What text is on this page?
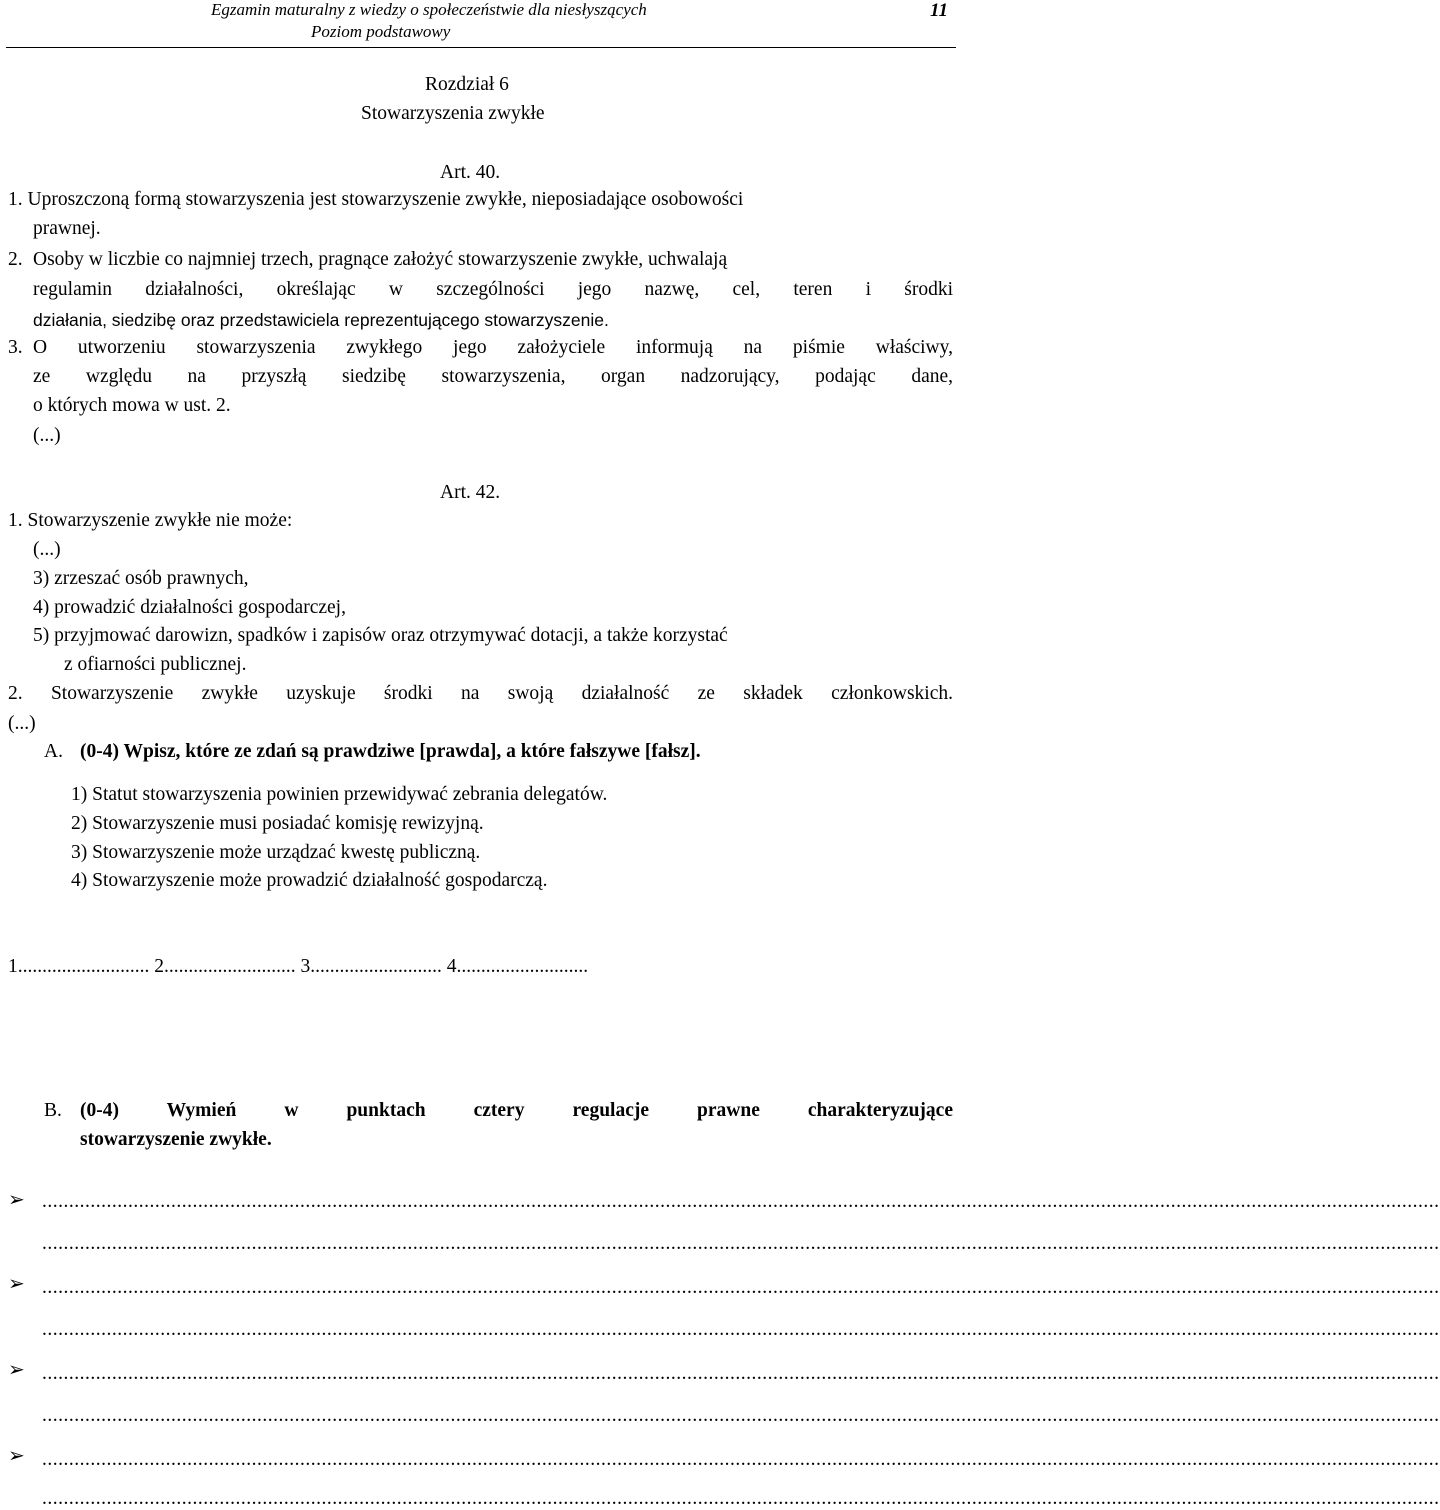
Egzamin maturalny z wiedzy o społeczeństwie dla niesłyszących
Poziom podstawowy
11
Rozdział 6
Stowarzyszenia zwykłe
Art. 40.
1. Uproszczoną formą stowarzyszenia jest stowarzyszenie zwykłe, nieposiadające osobowości
prawnej.
2. Osoby w liczbie co najmniej trzech, pragnące założyć stowarzyszenie zwykłe, uchwalają
regulamin działalności, określając w szczególności jego nazwę, cel, teren i środki
działania, siedzibę oraz przedstawiciela reprezentującego stowarzyszenie.
3. O utworzeniu stowarzyszenia zwykłego jego założyciele informują na piśmie właściwy,
ze względu na przyszłą siedzibę stowarzyszenia, organ nadzorujący, podając dane,
o których mowa w ust. 2.
(...)
Art. 42.
1. Stowarzyszenie zwykłe nie może:
(...)
3) zrzeszać osób prawnych,
4) prowadzić działalności gospodarczej,
5) przyjmować darowizn, spadków i zapisów oraz otrzymywać dotacji, a także korzystać
z ofiarności publicznej.
2. Stowarzyszenie zwykłe uzyskuje środki na swoją działalność ze składek członkowskich.
(...)
A. (0-4) Wpisz, które ze zdań są prawdziwe [prawda], a które fałszywe [fałsz].
1) Statut stowarzyszenia powinien przewidywać zebrania delegatów.
2) Stowarzyszenie musi posiadać komisję rewizyjną.
3) Stowarzyszenie może urządzać kwestę publiczną.
4) Stowarzyszenie może prowadzić działalność gospodarczą.
1........................... 2........................... 3........................... 4...........................
B. (0-4) Wymień w punktach cztery regulacje prawne charakteryzujące
stowarzyszenie zwykłe.
➢ ....................................................................................................................................................................................................................................................................
....................................................................................................................................................................................................................................................................
➢ ....................................................................................................................................................................................................................................................................
....................................................................................................................................................................................................................................................................
➢ ....................................................................................................................................................................................................................................................................
....................................................................................................................................................................................................................................................................
➢ ....................................................................................................................................................................................................................................................................
....................................................................................................................................................................................................................................................................
